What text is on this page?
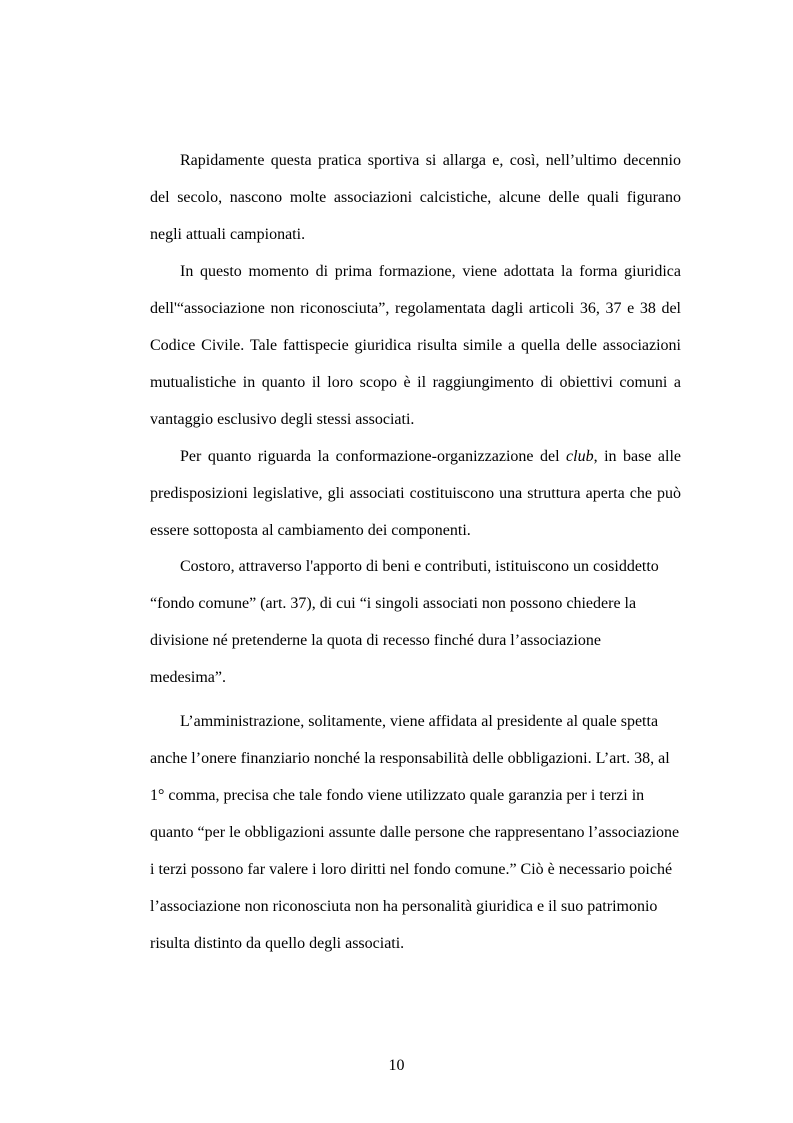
Rapidamente questa pratica sportiva si allarga e, così, nell’ultimo decennio
del secolo, nascono molte associazioni calcistiche, alcune delle quali figurano
negli attuali campionati.
In questo momento di prima formazione, viene adottata la forma giuridica
dell'“associazione non riconosciuta”, regolamentata dagli articoli 36, 37 e 38 del
Codice Civile. Tale fattispecie giuridica risulta simile a quella delle associazioni
mutualistiche in quanto il loro scopo è il raggiungimento di obiettivi comuni a
vantaggio esclusivo degli stessi associati.
Per quanto riguarda la conformazione-organizzazione del club, in base alle
predisposizioni legislative, gli associati costituiscono una struttura aperta che può
essere sottoposta al cambiamento dei componenti.
Costoro, attraverso l'apporto di beni e contributi, istituiscono un cosiddetto
“fondo comune” (art. 37), di cui “i singoli associati non possono chiedere la
divisione né pretenderne la quota di recesso finché dura l’associazione
medesima”.
L’amministrazione, solitamente, viene affidata al presidente al quale spetta
anche l’onere finanziario nonché la responsabilità delle obbligazioni. L’art. 38, al
1° comma, precisa che tale fondo viene utilizzato quale garanzia per i terzi in
quanto “per le obbligazioni assunte dalle persone che rappresentano l’associazione
i terzi possono far valere i loro diritti nel fondo comune.” Ciò è necessario poiché
l’associazione non riconosciuta non ha personalità giuridica e il suo patrimonio
risulta distinto da quello degli associati.
10
